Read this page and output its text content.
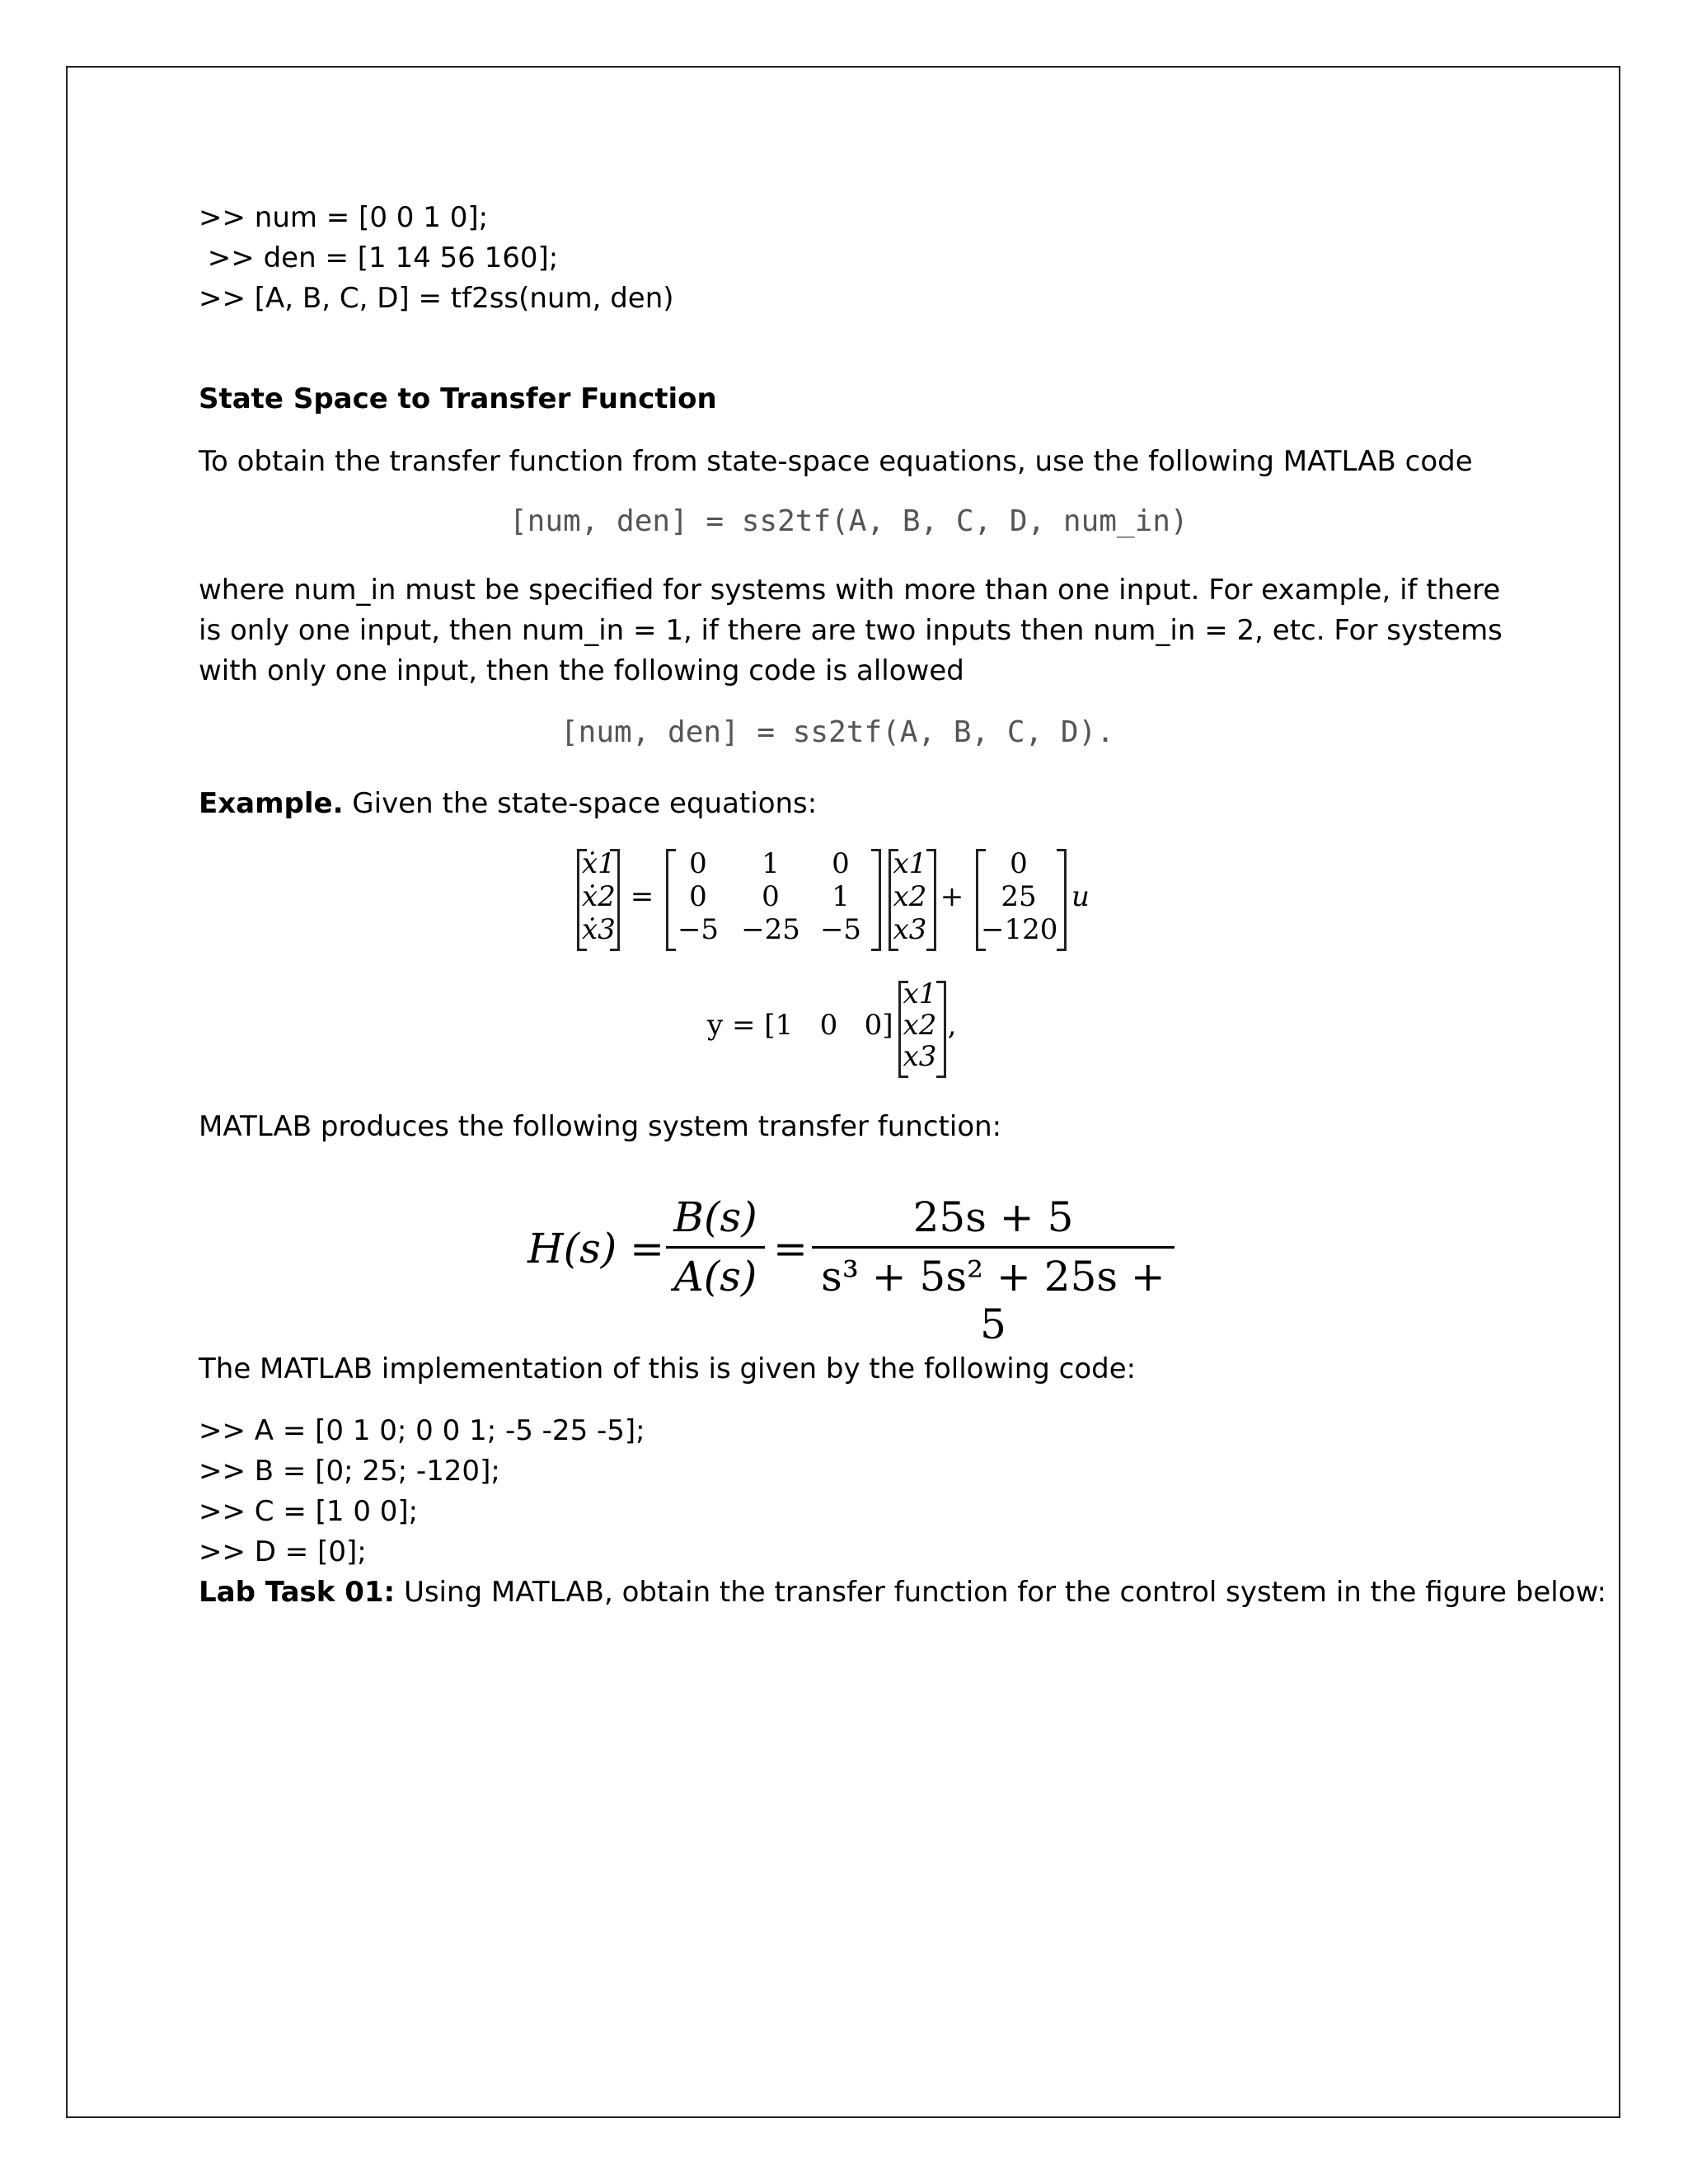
>> num = [0 0 1 0];
>> den = [1 14 56 160];
>> [A, B, C, D] = tf2ss(num, den)
State Space to Transfer Function
To obtain the transfer function from state-space equations, use the following MATLAB code
[num, den] = ss2tf(A, B, C, D, num_in)
where num_in must be specified for systems with more than one input. For example, if there is only one input, then num_in = 1, if there are two inputs then num_in = 2, etc. For systems with only one input, then the following code is allowed
[num, den] = ss2tf(A, B, C, D).
Example. Given the state-space equations:
ẋ1
ẋ2
ẋ3
=
0	1	0
0	0	1
−5 −25 −5
x1
x2
x3
+
0
25
−120
u
y = [1   0   0]
x1
x2
x3
,
MATLAB produces the following system transfer function:
H(s) =
B(s)
A(s)
=
25s + 5
s³ + 5s² + 25s + 5
The MATLAB implementation of this is given by the following code:
>> A = [0 1 0; 0 0 1; -5 -25 -5];
>> B = [0; 25; -120];
>> C = [1 0 0];
>> D = [0];
Lab Task 01: Using MATLAB, obtain the transfer function for the control system in the figure below:
